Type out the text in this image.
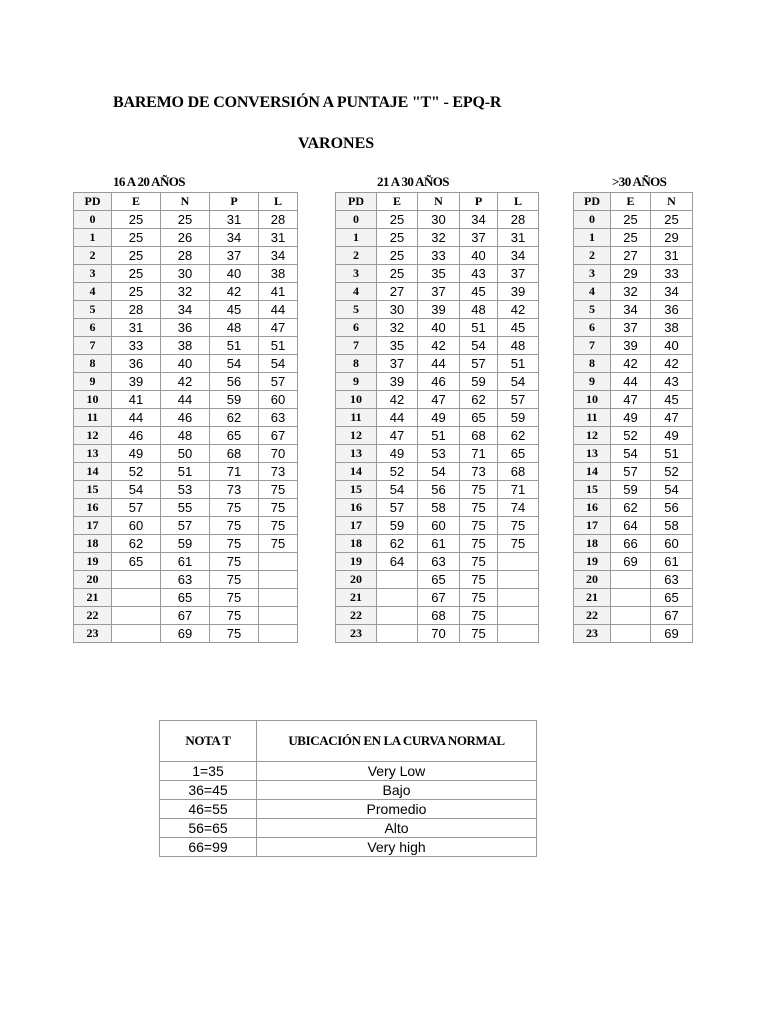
BAREMO DE CONVERSIÓN A PUNTAJE "T" - EPQ-R
VARONES
16 A 20 AÑOS	21 A 30 AÑOS	>30 AÑOS
PD	E	N	P	L
0	25	25	31	28
1	25	26	34	31
2	25	28	37	34
3	25	30	40	38
4	25	32	42	41
5	28	34	45	44
6	31	36	48	47
7	33	38	51	51
8	36	40	54	54
9	39	42	56	57
10	41	44	59	60
11	44	46	62	63
12	46	48	65	67
13	49	50	68	70
14	52	51	71	73
15	54	53	73	75
16	57	55	75	75
17	60	57	75	75
18	62	59	75	75
19	65	61	75	
20		63	75	
21		65	75	
22		67	75	
23		69	75	
PD	E	N	P	L
0	25	30	34	28
1	25	32	37	31
2	25	33	40	34
3	25	35	43	37
4	27	37	45	39
5	30	39	48	42
6	32	40	51	45
7	35	42	54	48
8	37	44	57	51
9	39	46	59	54
10	42	47	62	57
11	44	49	65	59
12	47	51	68	62
13	49	53	71	65
14	52	54	73	68
15	54	56	75	71
16	57	58	75	74
17	59	60	75	75
18	62	61	75	75
19	64	63	75	
20		65	75	
21		67	75	
22		68	75	
23		70	75	
PD	E	N
0	25	25
1	25	29
2	27	31
3	29	33
4	32	34
5	34	36
6	37	38
7	39	40
8	42	42
9	44	43
10	47	45
11	49	47
12	52	49
13	54	51
14	57	52
15	59	54
16	62	56
17	64	58
18	66	60
19	69	61
20		63
21		65
22		67
23		69
NOTA T	UBICACIÓN EN LA CURVA NORMAL
1=35	Very Low
36=45	Bajo
46=55	Promedio
56=65	Alto
66=99	Very high
